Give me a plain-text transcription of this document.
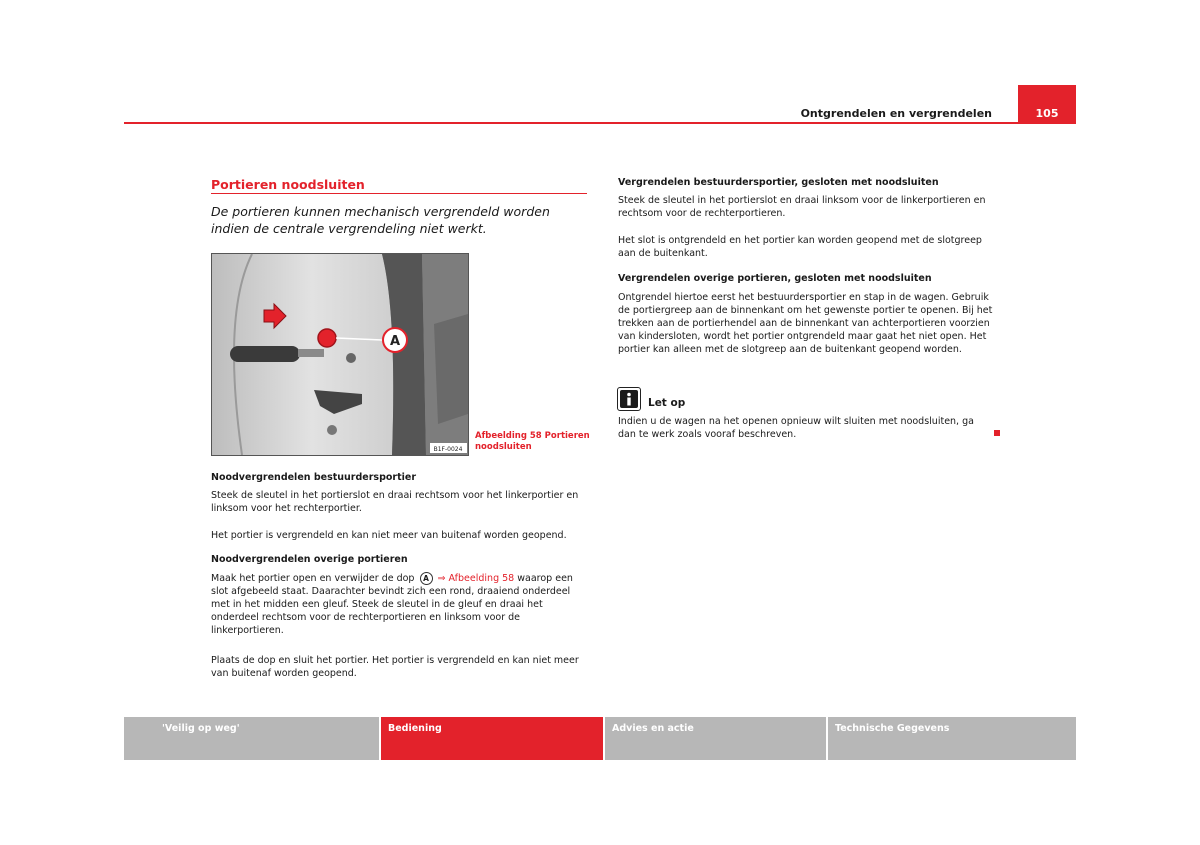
Ontgrendelen en vergrendelen	105
Portieren noodsluiten
De portieren kunnen mechanisch vergrendeld worden indien de centrale vergrendeling niet werkt.
A
B1F-0024
Afbeelding 58 Portieren noodsluiten
Noodvergrendelen bestuurdersportier
Steek de sleutel in het portierslot en draai rechtsom voor het linkerportier en linksom voor het rechterportier.
Het portier is vergrendeld en kan niet meer van buitenaf worden geopend.
Noodvergrendelen overige portieren
Maak het portier open en verwijder de dop A ⇒ Afbeelding 58 waarop een slot afgebeeld staat. Daarachter bevindt zich een rond, draaiend onderdeel met in het midden een gleuf. Steek de sleutel in de gleuf en draai het onderdeel rechtsom voor de rechterportieren en linksom voor de linkerportieren.
Plaats de dop en sluit het portier. Het portier is vergrendeld en kan niet meer van buitenaf worden geopend.
Vergrendelen bestuurdersportier, gesloten met noodsluiten
Steek de sleutel in het portierslot en draai linksom voor de linkerportieren en rechtsom voor de rechterportieren.
Het slot is ontgrendeld en het portier kan worden geopend met de slotgreep aan de buitenkant.
Vergrendelen overige portieren, gesloten met noodsluiten
Ontgrendel hiertoe eerst het bestuurdersportier en stap in de wagen. Gebruik de portiergreep aan de binnenkant om het gewenste portier te openen. Bij het trekken aan de portierhendel aan de binnenkant van achterportieren voorzien van kindersloten, wordt het portier ontgrendeld maar gaat het niet open. Het portier kan alleen met de slotgreep aan de buitenkant geopend worden.
Let op
Indien u de wagen na het openen opnieuw wilt sluiten met noodsluiten, ga dan te werk zoals vooraf beschreven.
'Veilig op weg'	Bediening	Advies en actie	Technische Gegevens
